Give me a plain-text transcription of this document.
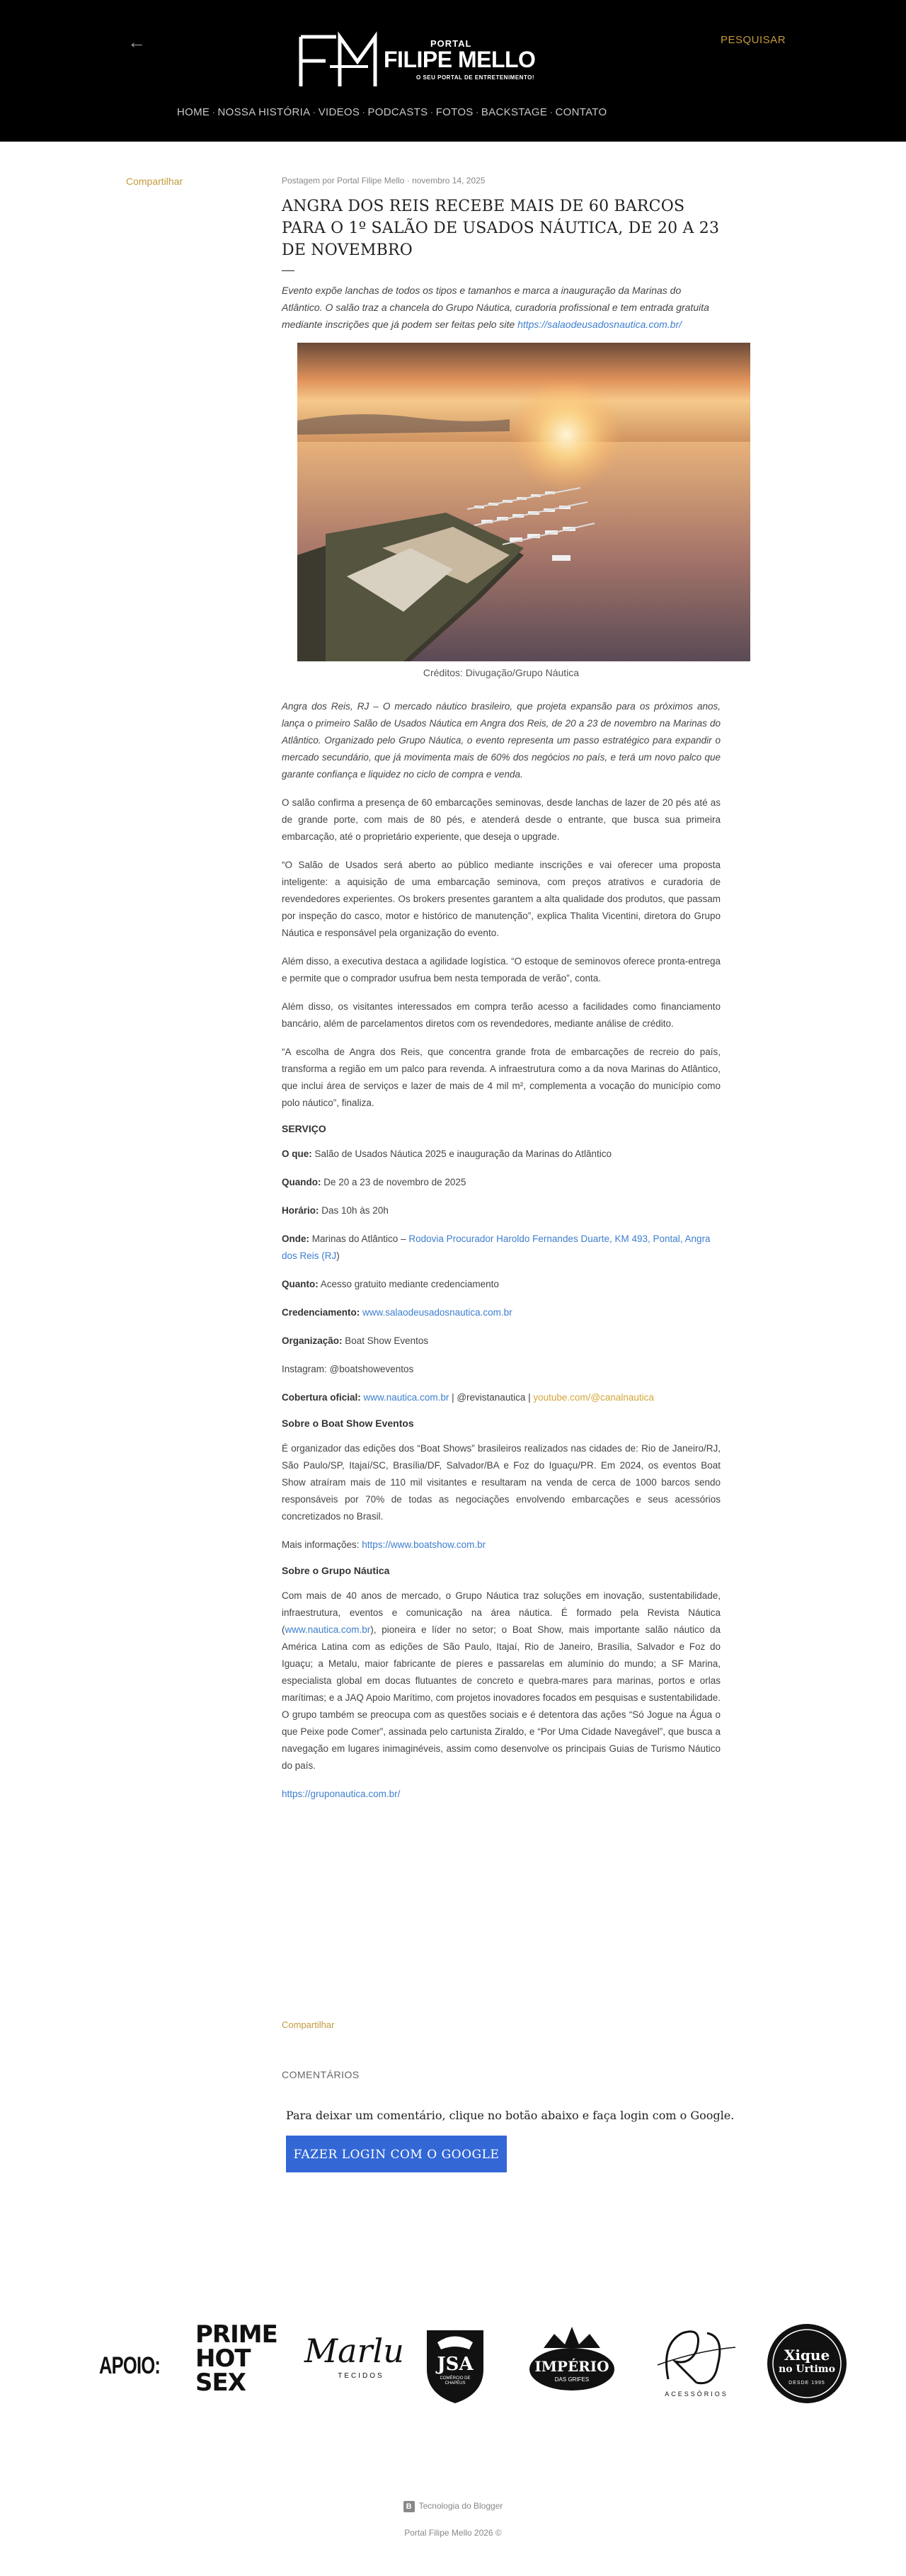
←	PORTAL
FILIPE MELLO
O SEU PORTAL DE ENTRETENIMENTO!
PESQUISAR
HOME · NOSSA HISTÓRIA · VIDEOS · PODCASTS · FOTOS · BACKSTAGE · CONTATO
Compartilhar	Postagem por Portal Filipe Mello · novembro 14, 2025
ANGRA DOS REIS RECEBE MAIS DE 60 BARCOS PARA O 1º SALÃO DE USADOS NÁUTICA, DE 20 A 23 DE NOVEMBRO
—

Evento expõe lanchas de todos os tipos e tamanhos e marca a inauguração da Marinas do Atlântico. O salão traz a chancela do Grupo Náutica, curadoria profissional e tem entrada gratuita mediante inscrições que já podem ser feitas pelo site https://salaodeusadosnautica.com.br/

Créditos: Divugação/Grupo Náutica

Angra dos Reis, RJ – O mercado náutico brasileiro, que projeta expansão para os próximos anos, lança o primeiro Salão de Usados Náutica em Angra dos Reis, de 20 a 23 de novembro na Marinas do Atlântico. Organizado pelo Grupo Náutica, o evento representa um passo estratégico para expandir o mercado secundário, que já movimenta mais de 60% dos negócios no país, e terá um novo palco que garante confiança e liquidez no ciclo de compra e venda.

O salão confirma a presença de 60 embarcações seminovas, desde lanchas de lazer de 20 pés até as de grande porte, com mais de 80 pés, e atenderá desde o entrante, que busca sua primeira embarcação, até o proprietário experiente, que deseja o upgrade.

“O Salão de Usados será aberto ao público mediante inscrições e vai oferecer uma proposta inteligente: a aquisição de uma embarcação seminova, com preços atrativos e curadoria de revendedores experientes. Os brokers presentes garantem a alta qualidade dos produtos, que passam por inspeção do casco, motor e histórico de manutenção”, explica Thalita Vicentini, diretora do Grupo Náutica e responsável pela organização do evento.

Além disso, a executiva destaca a agilidade logística. “O estoque de seminovos oferece pronta-entrega e permite que o comprador usufrua bem nesta temporada de verão”, conta.

Além disso, os visitantes interessados em compra terão acesso a facilidades como financiamento bancário, além de parcelamentos diretos com os revendedores, mediante análise de crédito.

“A escolha de Angra dos Reis, que concentra grande frota de embarcações de recreio do país, transforma a região em um palco para revenda. A infraestrutura como a da nova Marinas do Atlântico, que inclui área de serviços e lazer de mais de 4 mil m², complementa a vocação do município como polo náutico”, finaliza.

SERVIÇO

O que: Salão de Usados Náutica 2025 e inauguração da Marinas do Atlântico

Quando: De 20 a 23 de novembro de 2025

Horário: Das 10h às 20h

Onde: Marinas do Atlântico – Rodovia Procurador Haroldo Fernandes Duarte, KM 493, Pontal, Angra dos Reis (RJ)

Quanto: Acesso gratuito mediante credenciamento

Credenciamento: www.salaodeusadosnautica.com.br

Organização: Boat Show Eventos

Instagram: @boatshoweventos

Cobertura oficial: www.nautica.com.br | @revistanautica | youtube.com/@canalnautica

Sobre o Boat Show Eventos

É organizador das edições dos “Boat Shows” brasileiros realizados nas cidades de: Rio de Janeiro/RJ, São Paulo/SP, Itajaí/SC, Brasília/DF, Salvador/BA e Foz do Iguaçu/PR. Em 2024, os eventos Boat Show atraíram mais de 110 mil visitantes e resultaram na venda de cerca de 1000 barcos sendo responsáveis por 70% de todas as negociações envolvendo embarcações e seus acessórios concretizados no Brasil.

Mais informações: https://www.boatshow.com.br

Sobre o Grupo Náutica

Com mais de 40 anos de mercado, o Grupo Náutica traz soluções em inovação, sustentabilidade, infraestrutura, eventos e comunicação na área náutica. É formado pela Revista Náutica (www.nautica.com.br), pioneira e líder no setor; o Boat Show, mais importante salão náutico da América Latina com as edições de São Paulo, Itajaí, Rio de Janeiro, Brasília, Salvador e Foz do Iguaçu; a Metalu, maior fabricante de píeres e passarelas em alumínio do mundo; a SF Marina, especialista global em docas flutuantes de concreto e quebra-mares para marinas, portos e orlas marítimas; e a JAQ Apoio Marítimo, com projetos inovadores focados em pesquisas e sustentabilidade. O grupo também se preocupa com as questões sociais e é detentora das ações “Só Jogue na Água o que Peixe pode Comer”, assinada pelo cartunista Ziraldo, e “Por Uma Cidade Navegável”, que busca a navegação em lugares inimaginéveis, assim como desenvolve os principais Guias de Turismo Náutico do país.

https://gruponautica.com.br/

Compartilhar
COMENTÁRIOS
Para deixar um comentário, clique no botão abaixo e faça login com o Google.
FAZER LOGIN COM O GOOGLE
APOIO:
PRIME
HOT
SEX
Marlu
TECIDOS
JSA
COMÉRCIO DE CHAPÉUS
IMPÉRIO
DAS GRIFES
ACESSÓRIOS
Xique
no Urtimo
DESDE 1995
B Tecnologia do Blogger
Portal Filipe Mello 2026 ©
